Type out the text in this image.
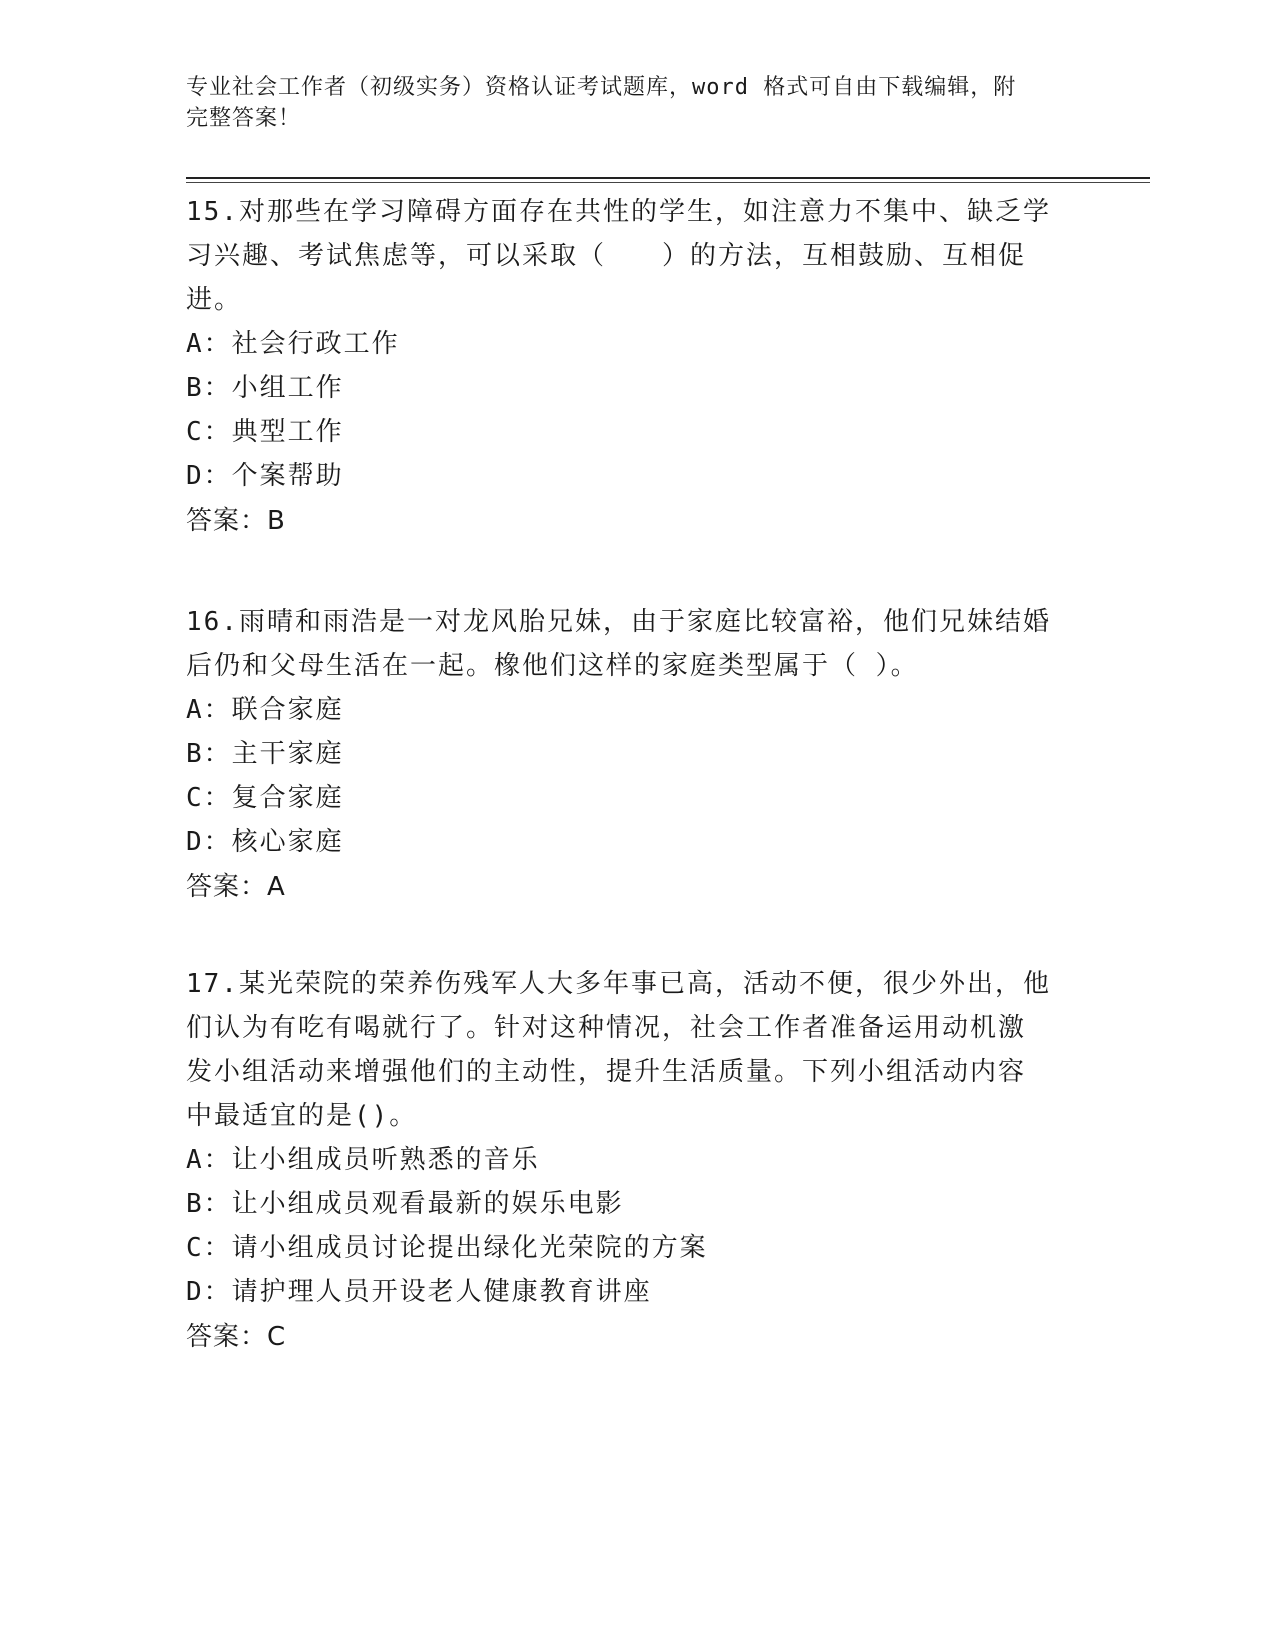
专业社会工作者（初级实务）资格认证考试题库，word 格式可自由下载编辑，附
完整答案！

15.对那些在学习障碍方面存在共性的学生，如注意力不集中、缺乏学

习兴趣、考试焦虑等，可以采取（　　）的方法，互相鼓励、互相促

进。

A：社会行政工作

B：小组工作

C：典型工作

D：个案帮助

答案：B

16.雨晴和雨浩是一对龙风胎兄妹，由于家庭比较富裕，他们兄妹结婚

后仍和父母生活在一起。橡他们这样的家庭类型属于（ ）。

A：联合家庭

B：主干家庭

C：复合家庭

D：核心家庭

答案：A

17.某光荣院的荣养伤残军人大多年事已高，活动不便，很少外出，他

们认为有吃有喝就行了。针对这种情况，社会工作者准备运用动机激

发小组活动来增强他们的主动性，提升生活质量。下列小组活动内容

中最适宜的是()。

A：让小组成员听熟悉的音乐

B：让小组成员观看最新的娱乐电影

C：请小组成员讨论提出绿化光荣院的方案

D：请护理人员开设老人健康教育讲座

答案：C
